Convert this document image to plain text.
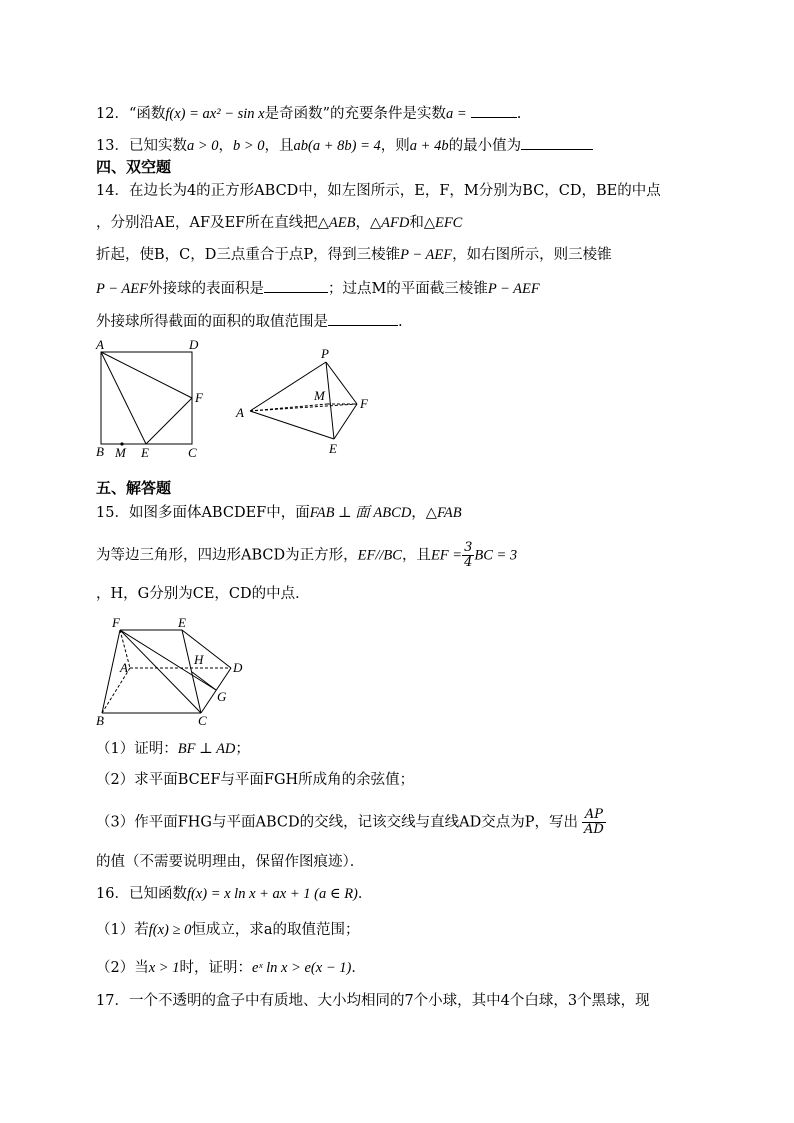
12．“函数f(x) = ax² − sin x是奇函数”的充要条件是实数a =	.
13．已知实数a > 0，b > 0，且ab(a + 8b) = 4，则a + 4b的最小值为
四、双空题
14．在边长为4的正方形ABCD中，如左图所示，E，F，M分别为BC，CD，BE的中点
，分别沿AE，AF及EF所在直线把△AEB，△AFD和△EFC
折起，使B，C，D三点重合于点P，得到三棱锥P − AEF，如右图所示，则三棱锥
P − AEF外接球的表面积是	；过点M的平面截三棱锥P − AEF
外接球所得截面的面积的取值范围是	.
A	D
F
B M E	C
P
M
A
F
E
五、解答题
15．如图多面体ABCDEF中，面FAB ⊥ 面 ABCD，△FAB
为等边三角形，四边形ABCD为正方形，EF//BC，且EF = $\frac{3}{4}$ BC = 3
，H，G分别为CE，CD的中点．
F	E
A
H
D
G
B	C
（1）证明：BF ⊥ AD；
（2）求平面BCEF与平面FGH所成角的余弦值；
（3）作平面FHG与平面ABCD的交线，记该交线与直线AD交点为P，写出 $\frac{AP}{AD}$
的值（不需要说明理由，保留作图痕迹）．
16．已知函数f(x) = x ln x + ax + 1 (a ∈ R)．
（1）若f(x) ≥ 0恒成立，求a的取值范围；
（2）当x > 1时，证明：eˣ ln x > e(x − 1)．
17．一个不透明的盒子中有质地、大小均相同的7个小球，其中4个白球，3个黑球，现
